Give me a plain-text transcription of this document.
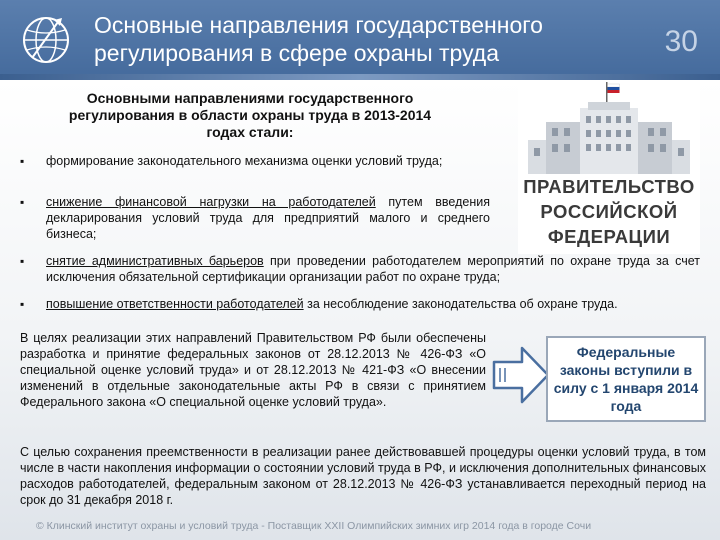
Основные направления государственного регулирования в сфере охраны труда	30
Основными направлениями государственного регулирования в области охраны труда в 2013-2014 годах стали:
▪ формирование законодательного механизма оценки условий труда;
▪ снижение финансовой нагрузки на работодателей путем введения декларирования условий труда для предприятий малого и среднего бизнеса;
▪ снятие административных барьеров при проведении работодателем мероприятий по охране труда за счет исключения обязательной сертификации организации работ по охране труда;
▪ повышение ответственности работодателей за несоблюдение законодательства об охране труда.
ПРАВИТЕЛЬСТВО
РОССИЙСКОЙ
ФЕДЕРАЦИИ
В целях реализации этих направлений Правительством РФ были обеспечены разработка и принятие федеральных законов от 28.12.2013 № 426-ФЗ «О специальной оценке условий труда» и от 28.12.2013 № 421-ФЗ «О внесении изменений в отдельные законодательные акты РФ в связи с принятием Федерального закона «О специальной оценке условий труда».
Федеральные законы вступили в силу с 1 января 2014 года
С целью сохранения преемственности в реализации ранее действовавшей процедуры оценки условий труда, в том числе в части накопления информации о состоянии условий труда в РФ, и исключения дополнительных финансовых расходов работодателей, федеральным законом от 28.12.2013 № 426-ФЗ устанавливается переходный период на срок до 31 декабря 2018 г.
© Клинский институт охраны и условий труда - Поставщик XXII Олимпийских зимних игр 2014 года в городе Сочи
